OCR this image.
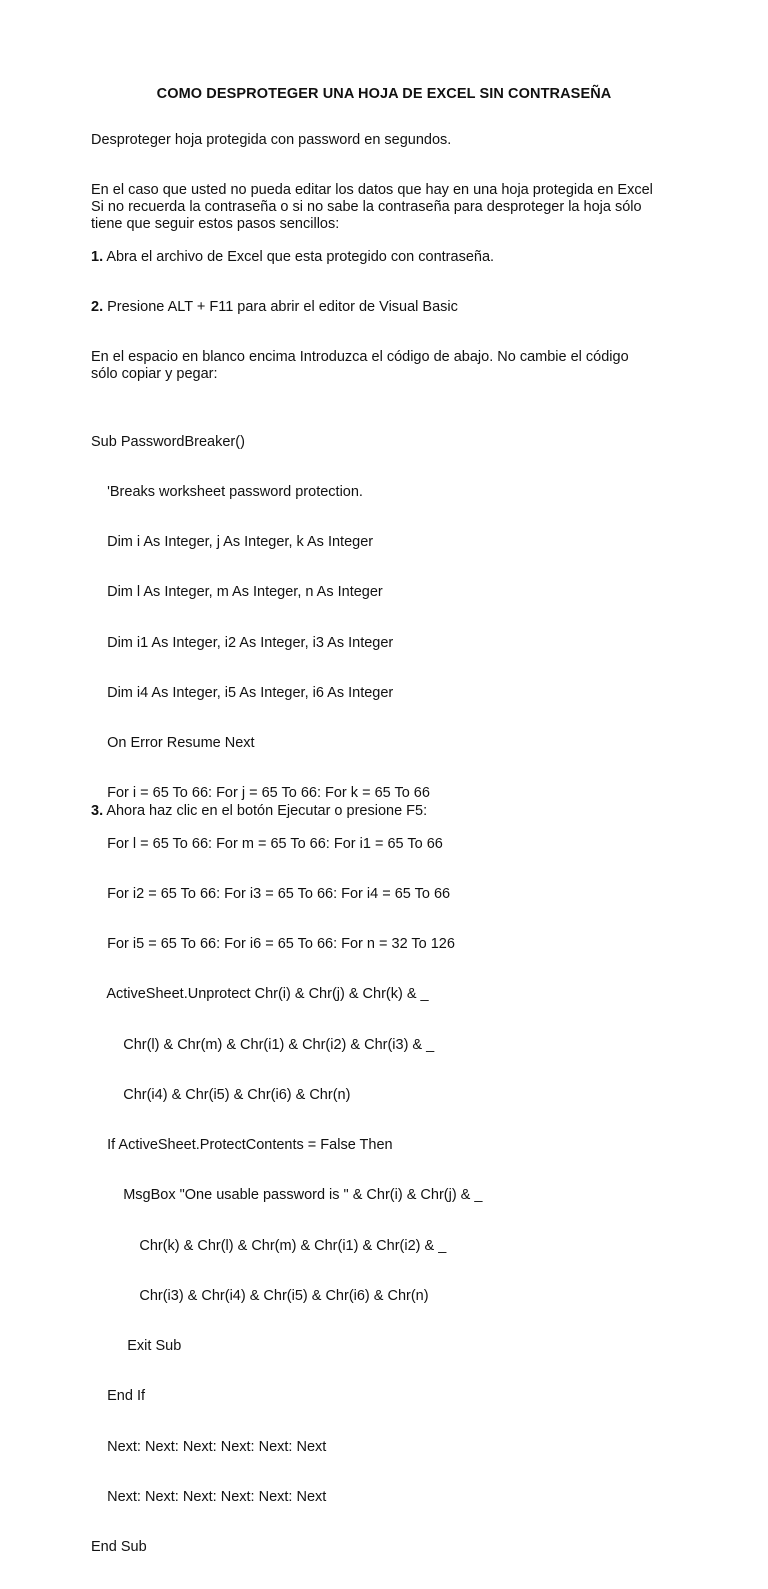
COMO DESPROTEGER UNA HOJA DE EXCEL SIN CONTRASEÑA
Desproteger hoja protegida con password en segundos.
En el caso que usted no pueda editar los datos que hay en una hoja protegida en Excel
Si no recuerda la contraseña o si no sabe la contraseña para desproteger la hoja sólo
tiene que seguir estos pasos sencillos:
1. Abra el archivo de Excel que esta protegido con contraseña.
2. Presione ALT + F11 para abrir el editor de Visual Basic
En el espacio en blanco encima Introduzca el código de abajo. No cambie el código
sólo copiar y pegar:

Sub PasswordBreaker()

'Breaks worksheet password protection.

Dim i As Integer, j As Integer, k As Integer

Dim l As Integer, m As Integer, n As Integer

Dim i1 As Integer, i2 As Integer, i3 As Integer

Dim i4 As Integer, i5 As Integer, i6 As Integer

On Error Resume Next

For i = 65 To 66: For j = 65 To 66: For k = 65 To 66

For l = 65 To 66: For m = 65 To 66: For i1 = 65 To 66

For i2 = 65 To 66: For i3 = 65 To 66: For i4 = 65 To 66

For i5 = 65 To 66: For i6 = 65 To 66: For n = 32 To 126

ActiveSheet.Unprotect Chr(i) & Chr(j) & Chr(k) & _

Chr(l) & Chr(m) & Chr(i1) & Chr(i2) & Chr(i3) & _

Chr(i4) & Chr(i5) & Chr(i6) & Chr(n)

If ActiveSheet.ProtectContents = False Then

MsgBox "One usable password is " & Chr(i) & Chr(j) & _

Chr(k) & Chr(l) & Chr(m) & Chr(i1) & Chr(i2) & _

Chr(i3) & Chr(i4) & Chr(i5) & Chr(i6) & Chr(n)

Exit Sub

End If

Next: Next: Next: Next: Next: Next

Next: Next: Next: Next: Next: Next

End Sub

3. Ahora haz clic en el botón Ejecutar o presione F5:
